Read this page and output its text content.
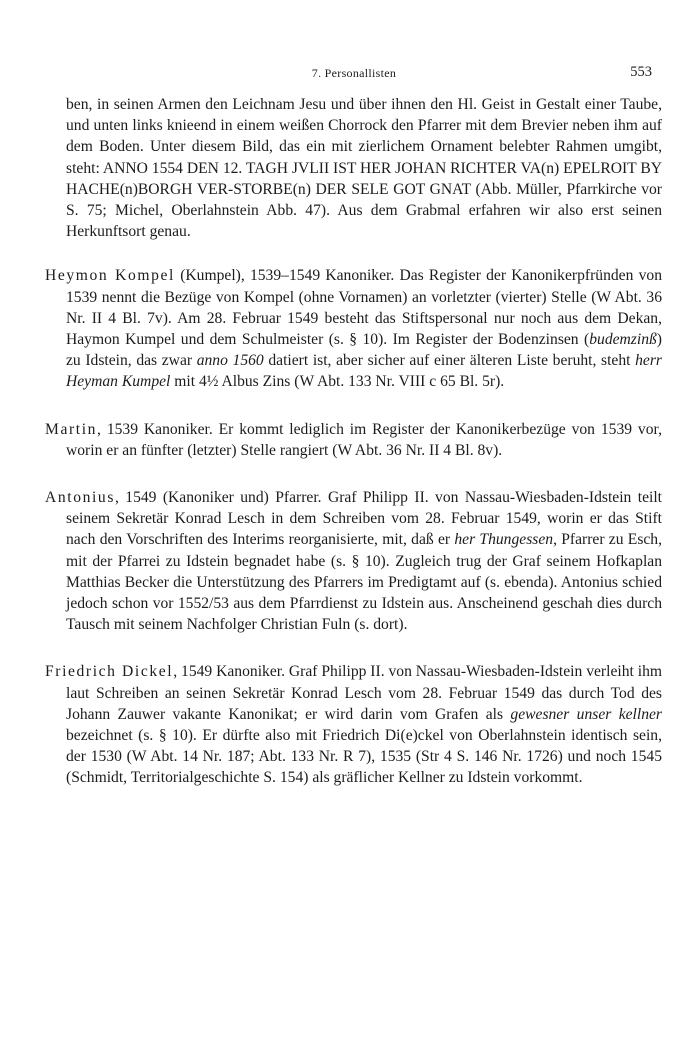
7. Personallisten	553

ben, in seinen Armen den Leichnam Jesu und über ihnen den Hl. Geist in Gestalt einer Taube, und unten links knieend in einem weißen Chorrock den Pfarrer mit dem Brevier neben ihm auf dem Boden. Unter diesem Bild, das ein mit zierlichem Ornament belebter Rahmen umgibt, steht: ANNO 1554 DEN 12. TAGH JVLII IST HER JOHAN RICHTER VA(n) EPELROIT BY HACHE(n)BORGH VER-STORBE(n) DER SELE GOT GNAT (Abb. Müller, Pfarrkirche vor S. 75; Michel, Oberlahnstein Abb. 47). Aus dem Grabmal erfahren wir also erst seinen Herkunftsort genau.

Heymon Kompel (Kumpel), 1539–1549 Kanoniker. Das Register der Kanonikerpfründen von 1539 nennt die Bezüge von Kompel (ohne Vornamen) an vorletzter (vierter) Stelle (W Abt. 36 Nr. II 4 Bl. 7v). Am 28. Februar 1549 besteht das Stiftspersonal nur noch aus dem Dekan, Haymon Kumpel und dem Schulmeister (s. § 10). Im Register der Bodenzinsen (budemzinß) zu Idstein, das zwar anno 1560 datiert ist, aber sicher auf einer älteren Liste beruht, steht herr Heyman Kumpel mit 4½ Albus Zins (W Abt. 133 Nr. VIII c 65 Bl. 5r).

Martin, 1539 Kanoniker. Er kommt lediglich im Register der Kanonikerbezüge von 1539 vor, worin er an fünfter (letzter) Stelle rangiert (W Abt. 36 Nr. II 4 Bl. 8v).

Antonius, 1549 (Kanoniker und) Pfarrer. Graf Philipp II. von Nassau-Wiesbaden-Idstein teilt seinem Sekretär Konrad Lesch in dem Schreiben vom 28. Februar 1549, worin er das Stift nach den Vorschriften des Interims reorganisierte, mit, daß er her Thungessen, Pfarrer zu Esch, mit der Pfarrei zu Idstein begnadet habe (s. § 10). Zugleich trug der Graf seinem Hofkaplan Matthias Becker die Unterstützung des Pfarrers im Predigtamt auf (s. ebenda). Antonius schied jedoch schon vor 1552/53 aus dem Pfarrdienst zu Idstein aus. Anscheinend geschah dies durch Tausch mit seinem Nachfolger Christian Fuln (s. dort).

Friedrich Dickel, 1549 Kanoniker. Graf Philipp II. von Nassau-Wiesbaden-Idstein verleiht ihm laut Schreiben an seinen Sekretär Konrad Lesch vom 28. Februar 1549 das durch Tod des Johann Zauwer vakante Kanonikat; er wird darin vom Grafen als gewesner unser kellner bezeichnet (s. § 10). Er dürfte also mit Friedrich Di(e)ckel von Oberlahnstein identisch sein, der 1530 (W Abt. 14 Nr. 187; Abt. 133 Nr. R 7), 1535 (Str 4 S. 146 Nr. 1726) und noch 1545 (Schmidt, Territorialgeschichte S. 154) als gräflicher Kellner zu Idstein vorkommt.
